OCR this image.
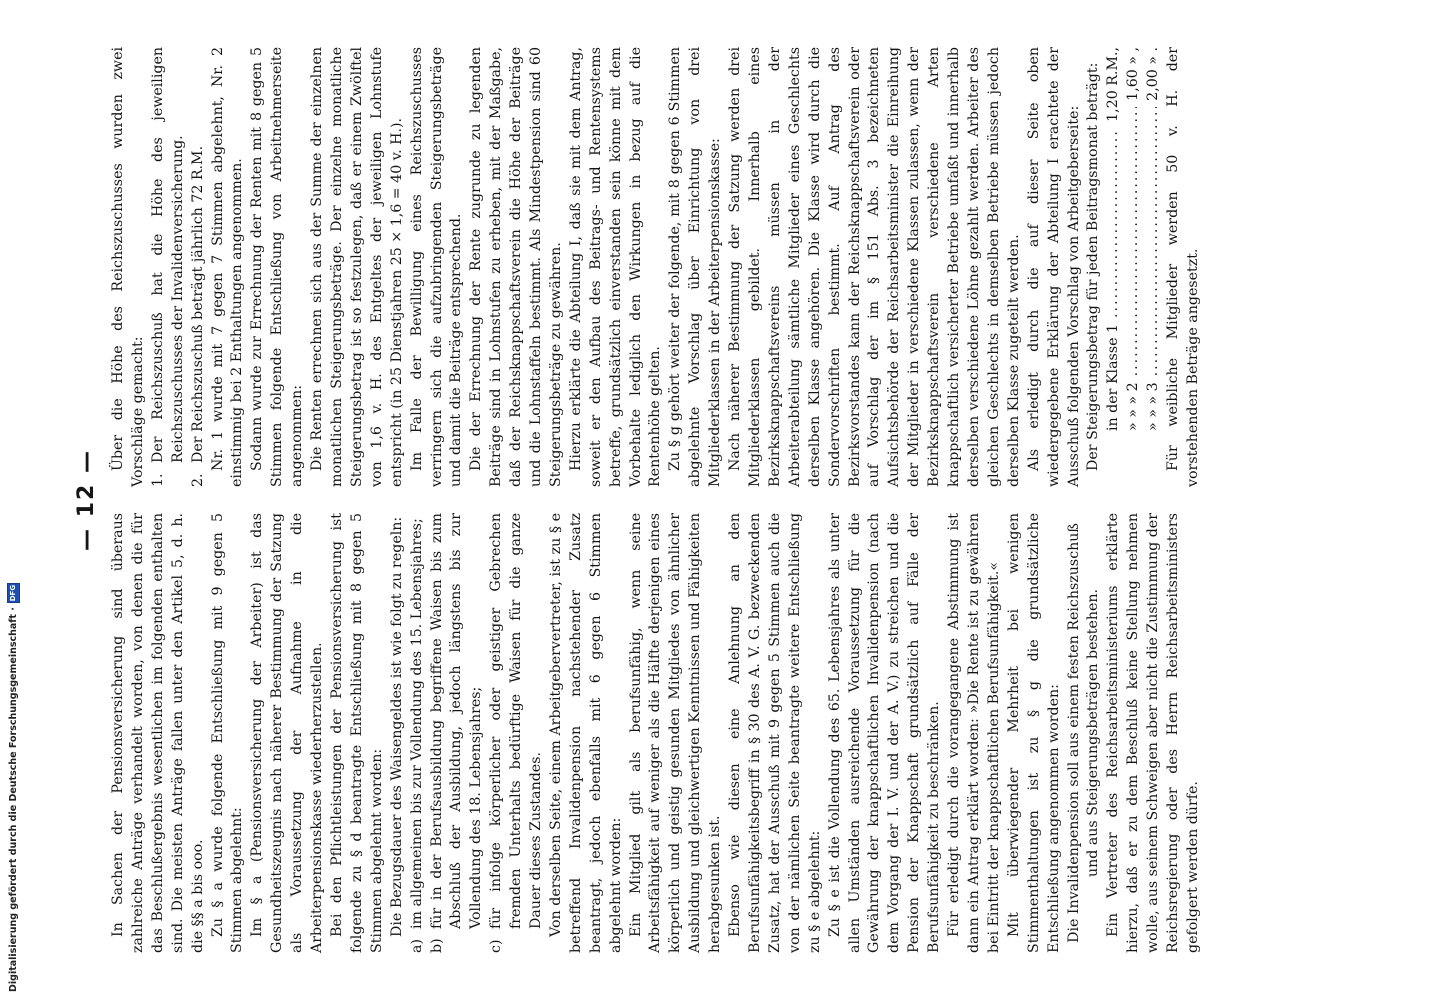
— 12 —

In Sachen der Pensionsversicherung sind überaus zahlreiche Anträge verhandelt worden, von denen die für das Beschlußergebnis wesentlichen im folgenden enthalten sind. Die meisten Anträge fallen unter den Artikel 5, d. h. die §§ a bis ooo. Zu § a wurde folgende Entschließung mit 9 gegen 5 Stimmen abgelehnt: Im § a (Pensionsversicherung der Arbeiter) ist das Gesundheitszeugnis nach näherer Bestimmung der Satzung als Voraussetzung der Aufnahme in die Arbeiterpensionskasse wiederherzustellen. Bei den Pflichtleistungen der Pensionsversicherung ist folgende zu § d beantragte Entschließung mit 8 gegen 5 Stimmen abgelehnt worden: Die Bezugsdauer des Waisengeldes ist wie folgt zu regeln:

a)
im allgemeinen bis zur Vollendung des 15. Lebensjahres;

b)
für in der Berufsausbildung begriffene Waisen bis zum Abschluß der Ausbildung, jedoch längstens bis zur Vollendung des 18. Lebensjahres;

c)
für infolge körperlicher oder geistiger Gebrechen fremden Unterhalts bedürftige Waisen für die ganze Dauer dieses Zustandes. Von derselben Seite, einem Arbeitgebervertreter, ist zu § e betreffend Invalidenpension nachstehender Zusatz beantragt, jedoch ebenfalls mit 6 gegen 6 Stimmen abgelehnt worden: Ein Mitglied gilt als berufsunfähig, wenn seine Arbeitsfähigkeit auf weniger als die Hälfte derjenigen eines körperlich und geistig gesunden Mitgliedes von ähnlicher Ausbildung und gleichwertigen Kenntnissen und Fähigkeiten herabgesunken ist. Ebenso wie diesen eine Anlehnung an den Berufsunfähigkeitsbegriff in § 30 des A. V. G. bezweckenden Zusatz, hat der Ausschuß mit 9 gegen 5 Stimmen auch die von der nämlichen Seite beantragte weitere Entschließung zu § e abgelehnt: Zu § e ist die Vollendung des 65. Lebensjahres als unter allen Umständen ausreichende Voraussetzung für die Gewährung der knappschaftlichen Invalidenpension (nach dem Vorgang der I. V. und der A. V.) zu streichen und die Pension der Knappschaft grundsätzlich auf Fälle der Berufsunfähigkeit zu beschränken. Für erledigt durch die vorangegangene Abstimmung ist dann ein Antrag erklärt worden: »Die Rente ist zu gewähren bei Eintritt der knappschaftlichen Berufsunfähigkeit.« Mit überwiegender Mehrheit bei wenigen Stimmenthaltungen ist zu § g die grundsätzliche Entschließung angenommen worden: Die Invalidenpension soll aus einem festen Reichszuschuß und aus Steigerungsbeträgen bestehen. Ein Vertreter des Reichsarbeitsministeriums erklärte hierzu, daß er zu dem Beschluß keine Stellung nehmen wolle, aus seinem Schweigen aber nicht die Zustimmung der Reichsregierung oder des Herrn Reichsarbeitsministers gefolgert werden dürfe.

Über die Höhe des Reichszuschusses wurden zwei Vorschläge gemacht: 1.
Der Reichszuschuß hat die Höhe des jeweiligen Reichszuschusses der Invalidenversicherung.

2.
Der Reichszuschuß beträgt jährlich 72 R.M. Nr. 1 wurde mit 7 gegen 7 Stimmen abgelehnt, Nr. 2 einstimmig bei 2 Enthaltungen angenommen. Sodann wurde zur Errechnung der Renten mit 8 gegen 5 Stimmen folgende Entschließung von Arbeitnehmerseite angenommen: Die Renten errechnen sich aus der Summe der einzelnen monatlichen Steigerungsbeträge. Der einzelne monatliche Steigerungsbetrag ist so festzulegen, daß er einem Zwölftel von 1,6 v. H. des Entgeltes der jeweiligen Lohnstufe entspricht (in 25 Dienstjahren 25 × 1,6 = 40 v. H.). Im Falle der Bewilligung eines Reichszuschusses verringern sich die aufzubringenden Steigerungsbeträge und damit die Beiträge entsprechend. Die der Errechnung der Rente zugrunde zu legenden Beiträge sind in Lohnstufen zu erheben, mit der Maßgabe, daß der Reichsknappschaftsverein die Höhe der Beiträge und die Lohnstaffeln bestimmt. Als Mindestpension sind 60 Steigerungsbeträge zu gewähren. Hierzu erklärte die Abteilung I, daß sie mit dem Antrag, soweit er den Aufbau des Beitrags- und Rentensystems betreffe, grundsätzlich einverstanden sein könne mit dem Vorbehalte lediglich den Wirkungen in bezug auf die Rentenhöhe gelten. Zu § g gehört weiter der folgende, mit 8 gegen 6 Stimmen abgelehnte Vorschlag über Einrichtung von drei Mitgliederklassen in der Arbeiterpensionskasse: Nach näherer Bestimmung der Satzung werden drei Mitgliederklassen gebildet. Innerhalb eines Bezirksknappschaftsvereins müssen in der Arbeiterabteilung sämtliche Mitglieder eines Geschlechts derselben Klasse angehören. Die Klasse wird durch die Sondervorschriften bestimmt. Auf Antrag des Bezirksvorstandes kann der Reichsknappschaftsverein oder auf Vorschlag der im § 151 Abs. 3 bezeichneten Aufsichtsbehörde der Reichsarbeitsminister die Einreihung der Mitglieder in verschiedene Klassen zulassen, wenn der Bezirksknappschaftsverein verschiedene Arten knappschaftlich versicherter Betriebe umfaßt und innerhalb derselben verschiedene Löhne gezahlt werden. Arbeiter des gleichen Geschlechts in demselben Betriebe müssen jedoch derselben Klasse zugeteilt werden. Als erledigt durch die auf dieser Seite oben wiedergegebene Erklärung der Abteilung I erachtete der Ausschuß folgenden Vorschlag von Arbeitgeberseite: Der Steigerungsbetrag für jeden Beitragsmonat beträgt: in der Klasse 1
.....
1,20 R.M.,

» » » 2
.....
1,60 » ,

» » » 3
.....
2,00 » . Für weibliche Mitglieder werden 50 v. H. der vorstehenden Beträge angesetzt.

Digitalisierung gefördert durch die Deutsche Forschungsgemeinschaft ·
DFG
